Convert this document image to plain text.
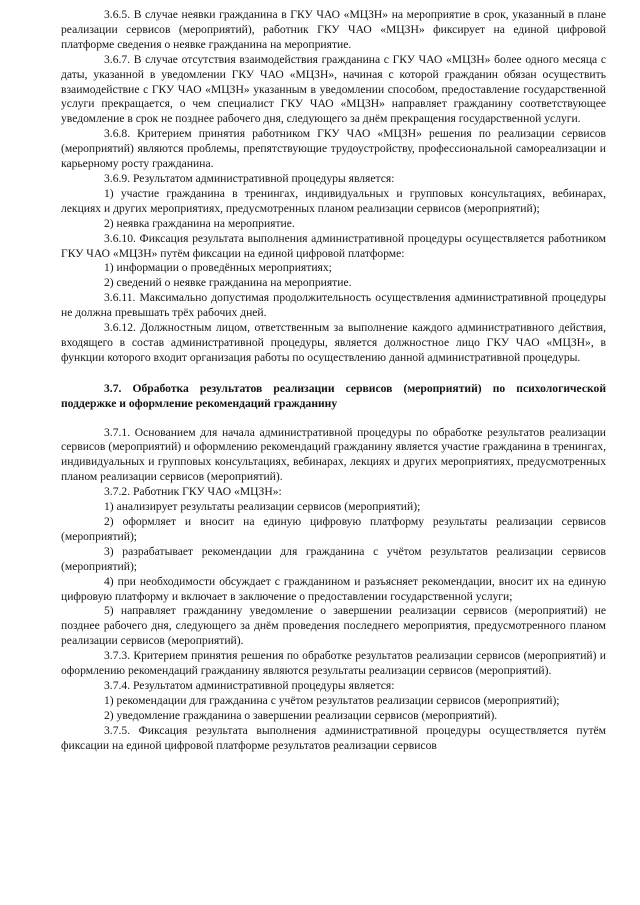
3.6.5. В случае неявки гражданина в ГКУ ЧАО «МЦЗН» на мероприятие в срок, указанный в плане реализации сервисов (мероприятий), работник ГКУ ЧАО «МЦЗН» фиксирует на единой цифровой платформе сведения о неявке гражданина на мероприятие.

3.6.7. В случае отсутствия взаимодействия гражданина с ГКУ ЧАО «МЦЗН» более одного месяца с даты, указанной в уведомлении ГКУ ЧАО «МЦЗН», начиная с которой гражданин обязан осуществить взаимодействие с ГКУ ЧАО «МЦЗН» указанным в уведомлении способом, предоставление государственной услуги прекращается, о чем специалист ГКУ ЧАО «МЦЗН» направляет гражданину соответствующее уведомление в срок не позднее рабочего дня, следующего за днём прекращения государственной услуги.

3.6.8. Критерием принятия работником ГКУ ЧАО «МЦЗН» решения по реализации сервисов (мероприятий) являются проблемы, препятствующие трудоустройству, профессиональной самореализации и карьерному росту гражданина.

3.6.9. Результатом административной процедуры является:

1) участие гражданина в тренингах, индивидуальных и групповых консультациях, вебинарах, лекциях и других мероприятиях, предусмотренных планом реализации сервисов (мероприятий);

2) неявка гражданина на мероприятие.

3.6.10. Фиксация результата выполнения административной процедуры осуществляется работником ГКУ ЧАО «МЦЗН» путём фиксации на единой цифровой платформе:

1) информации о проведённых мероприятиях;

2) сведений о неявке гражданина на мероприятие.

3.6.11. Максимально допустимая продолжительность осуществления административной процедуры не должна превышать трёх рабочих дней.

3.6.12. Должностным лицом, ответственным за выполнение каждого административного действия, входящего в состав административной процедуры, является должностное лицо ГКУ ЧАО «МЦЗН», в функции которого входит организация работы по осуществлению данной административной процедуры.

3.7. Обработка результатов реализации сервисов (мероприятий) по психологической поддержке и оформление рекомендаций гражданину

3.7.1. Основанием для начала административной процедуры по обработке результатов реализации сервисов (мероприятий) и оформлению рекомендаций гражданину является участие гражданина в тренингах, индивидуальных и групповых консультациях, вебинарах, лекциях и других мероприятиях, предусмотренных планом реализации сервисов (мероприятий).

3.7.2. Работник ГКУ ЧАО «МЦЗН»:

1) анализирует результаты реализации сервисов (мероприятий);

2) оформляет и вносит на единую цифровую платформу результаты реализации сервисов (мероприятий);

3) разрабатывает рекомендации для гражданина с учётом результатов реализации сервисов (мероприятий);

4) при необходимости обсуждает с гражданином и разъясняет рекомендации, вносит их на единую цифровую платформу и включает в заключение о предоставлении государственной услуги;

5) направляет гражданину уведомление о завершении реализации сервисов (мероприятий) не позднее рабочего дня, следующего за днём проведения последнего мероприятия, предусмотренного планом реализации сервисов (мероприятий).

3.7.3. Критерием принятия решения по обработке результатов реализации сервисов (мероприятий) и оформлению рекомендаций гражданину являются результаты реализации сервисов (мероприятий).

3.7.4. Результатом административной процедуры является:

1) рекомендации для гражданина с учётом результатов реализации сервисов (мероприятий);

2) уведомление гражданина о завершении реализации сервисов (мероприятий).

3.7.5. Фиксация результата выполнения административной процедуры осуществляется путём фиксации на единой цифровой платформе результатов реализации сервисов
